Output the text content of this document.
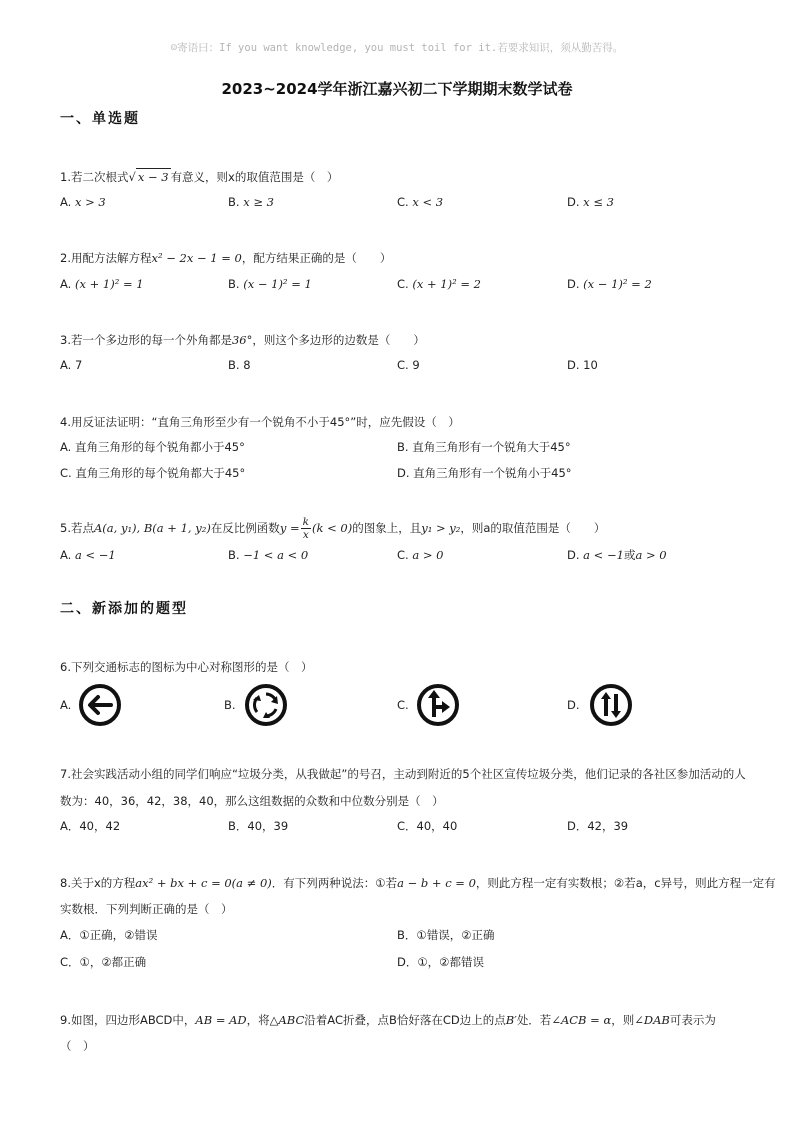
☺寄语曰：If you want knowledge, you must toil for it.若要求知识，须从勤苦得。
2023~2024学年浙江嘉兴初二下学期期末数学试卷
一、单选题
1.若二次根式√ x − 3 有意义，则x的取值范围是（　）
A. x > 3	B. x ≥ 3	C. x < 3	D. x ≤ 3
2.用配方法解方程x² − 2x − 1 = 0，配方结果正确的是（　　）
A. (x + 1)² = 1	B. (x − 1)² = 1	C. (x + 1)² = 2	D. (x − 1)² = 2
3.若一个多边形的每一个外角都是36°，则这个多边形的边数是（　　）
A. 7	B. 8	C. 9	D. 10
4.用反证法证明：“直角三角形至少有一个锐角不小于45°”时，应先假设（　）
A. 直角三角形的每个锐角都小于45°	B. 直角三角形有一个锐角大于45°
C. 直角三角形的每个锐角都大于45°	D. 直角三角形有一个锐角小于45°
5.若点A(a, y₁), B(a + 1, y₂)在反比例函数$y = \frac{k}{x} (k < 0)$的图象上，且y₁ > y₂，则a的取值范围是（　　）
A. a < −1	B. −1 < a < 0	C. a > 0	D. a < −1或a > 0
二、新添加的题型
6.下列交通标志的图标为中心对称图形的是（　）
A.	B.	C.	D.
7.社会实践活动小组的同学们响应“垃圾分类，从我做起”的号召，主动到附近的5个社区宣传垃圾分类，他们记录的各社区参加活动的人
数为：40，36，42，38，40，那么这组数据的众数和中位数分别是（　）
A．40，42	B．40，39	C．40，40	D．42，39
8.关于x的方程ax² + bx + c = 0(a ≠ 0)．有下列两种说法：①若a − b + c = 0，则此方程一定有实数根；②若a，c异号，则此方程一定有
实数根．下列判断正确的是（　）
A．①正确，②错误	B．①错误，②正确
C．①，②都正确	D．①，②都错误
9.如图，四边形ABCD中，AB = AD，将△ABC沿着AC折叠，点B恰好落在CD边上的点B′处．若∠ACB = α，则∠DAB可表示为
（　）
